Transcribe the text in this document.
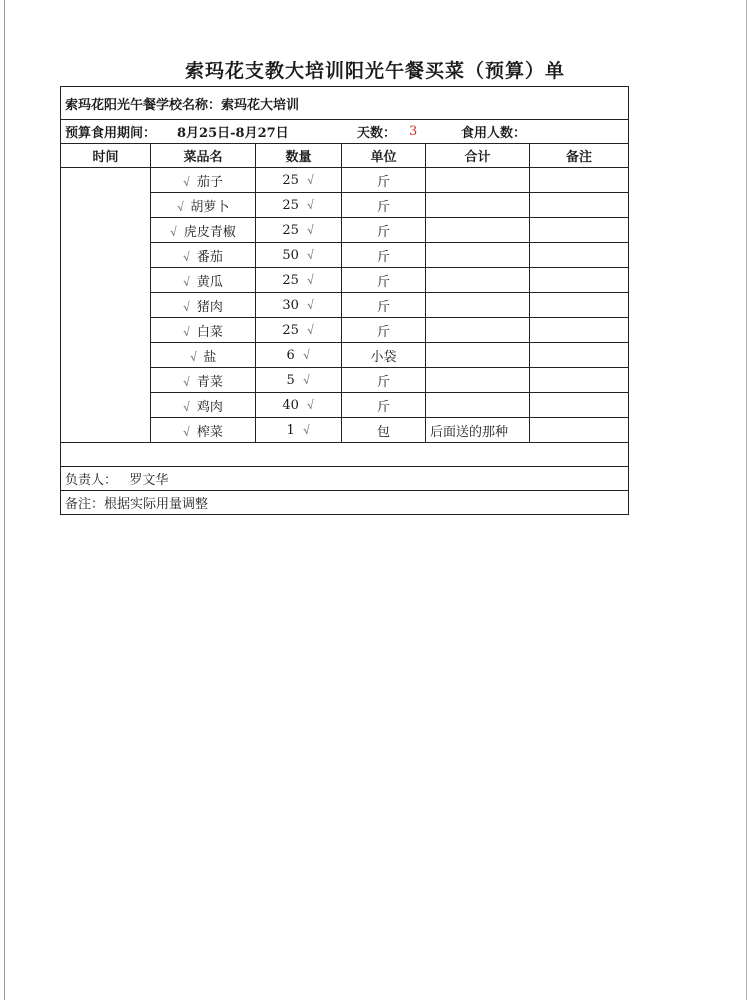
索玛花支教大培训阳光午餐买菜（预算）单
索玛花阳光午餐学校名称：索玛花大培训					

预算食用期间： 8月25日-8月27日 天数： 3 食用人数：					

时间	菜品名	数量	单位	合计	备注
	√ 茄子	25 √	斤		
	√ 胡萝卜	25 √	斤		
	√ 虎皮青椒	25 √	斤		
	√ 番茄	50 √	斤		
	√ 黄瓜	25 √	斤		
	√ 猪肉	30 √	斤		
	√ 白菜	25 √	斤		
	√ 盐	6 √	小袋		
	√ 青菜	5 √	斤		
	√ 鸡肉	40 √	斤		
	√ 榨菜	1 √	包	后面送的那种	

负责人： 罗文华					
备注：根据实际用量调整					
